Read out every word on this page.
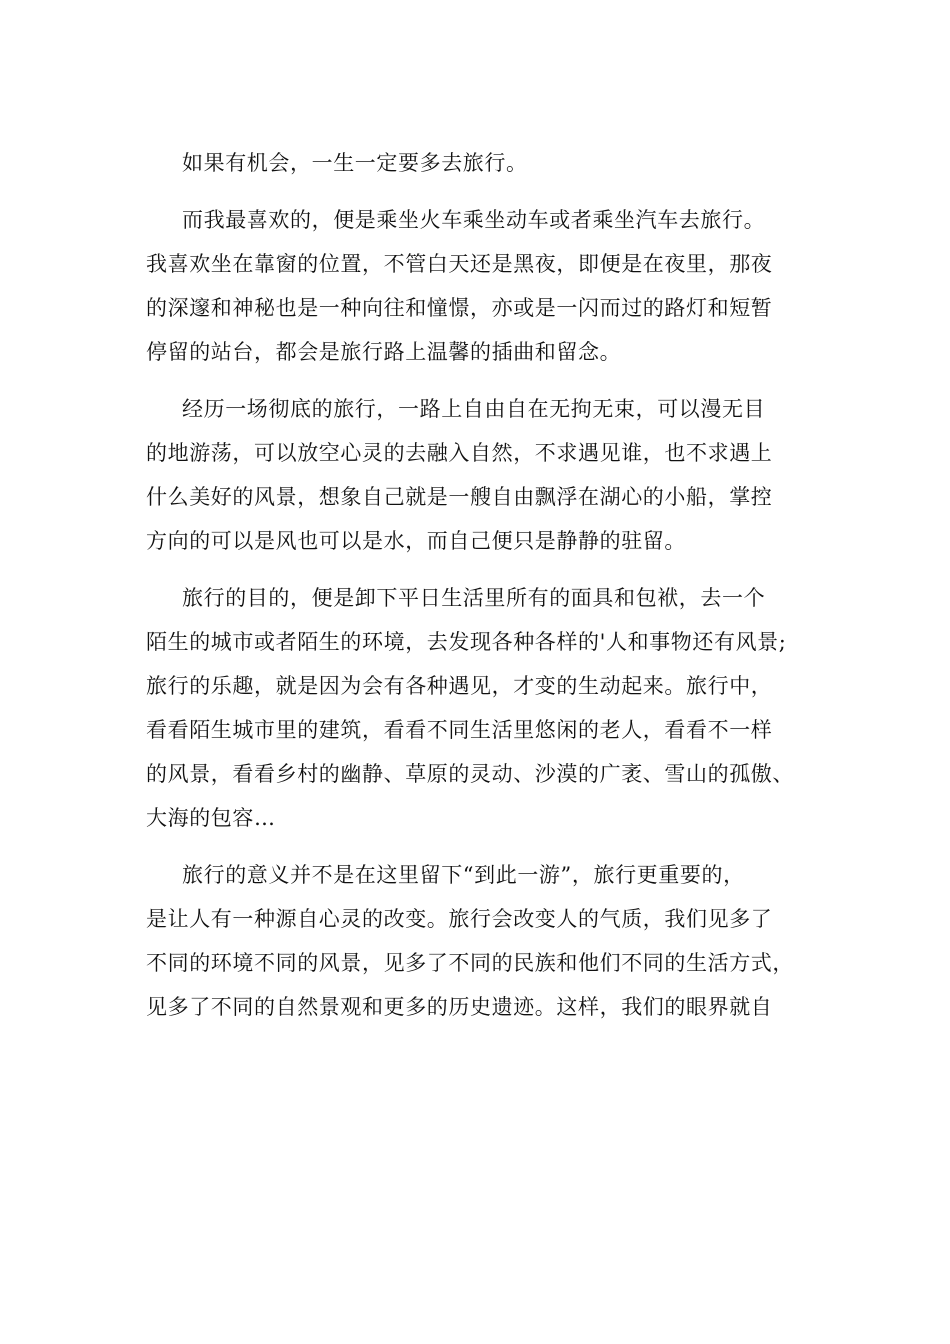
如果有机会，一生一定要多去旅行。

而我最喜欢的，便是乘坐火车乘坐动车或者乘坐汽车去旅行。
我喜欢坐在靠窗的位置，不管白天还是黑夜，即便是在夜里，那夜
的深邃和神秘也是一种向往和憧憬，亦或是一闪而过的路灯和短暂
停留的站台，都会是旅行路上温馨的插曲和留念。

经历一场彻底的旅行，一路上自由自在无拘无束，可以漫无目
的地游荡，可以放空心灵的去融入自然，不求遇见谁，也不求遇上
什么美好的风景，想象自己就是一艘自由飘浮在湖心的小船，掌控
方向的可以是风也可以是水，而自己便只是静静的驻留。

旅行的目的，便是卸下平日生活里所有的面具和包袱，去一个
陌生的城市或者陌生的环境，去发现各种各样的'人和事物还有风景;
旅行的乐趣，就是因为会有各种遇见，才变的生动起来。旅行中，
看看陌生城市里的建筑，看看不同生活里悠闲的老人，看看不一样
的风景，看看乡村的幽静、草原的灵动、沙漠的广袤、雪山的孤傲、
大海的包容…

旅行的意义并不是在这里留下“到此一游”，旅行更重要的，
是让人有一种源自心灵的改变。旅行会改变人的气质，我们见多了
不同的环境不同的风景，见多了不同的民族和他们不同的生活方式，
见多了不同的自然景观和更多的历史遗迹。这样，我们的眼界就自
